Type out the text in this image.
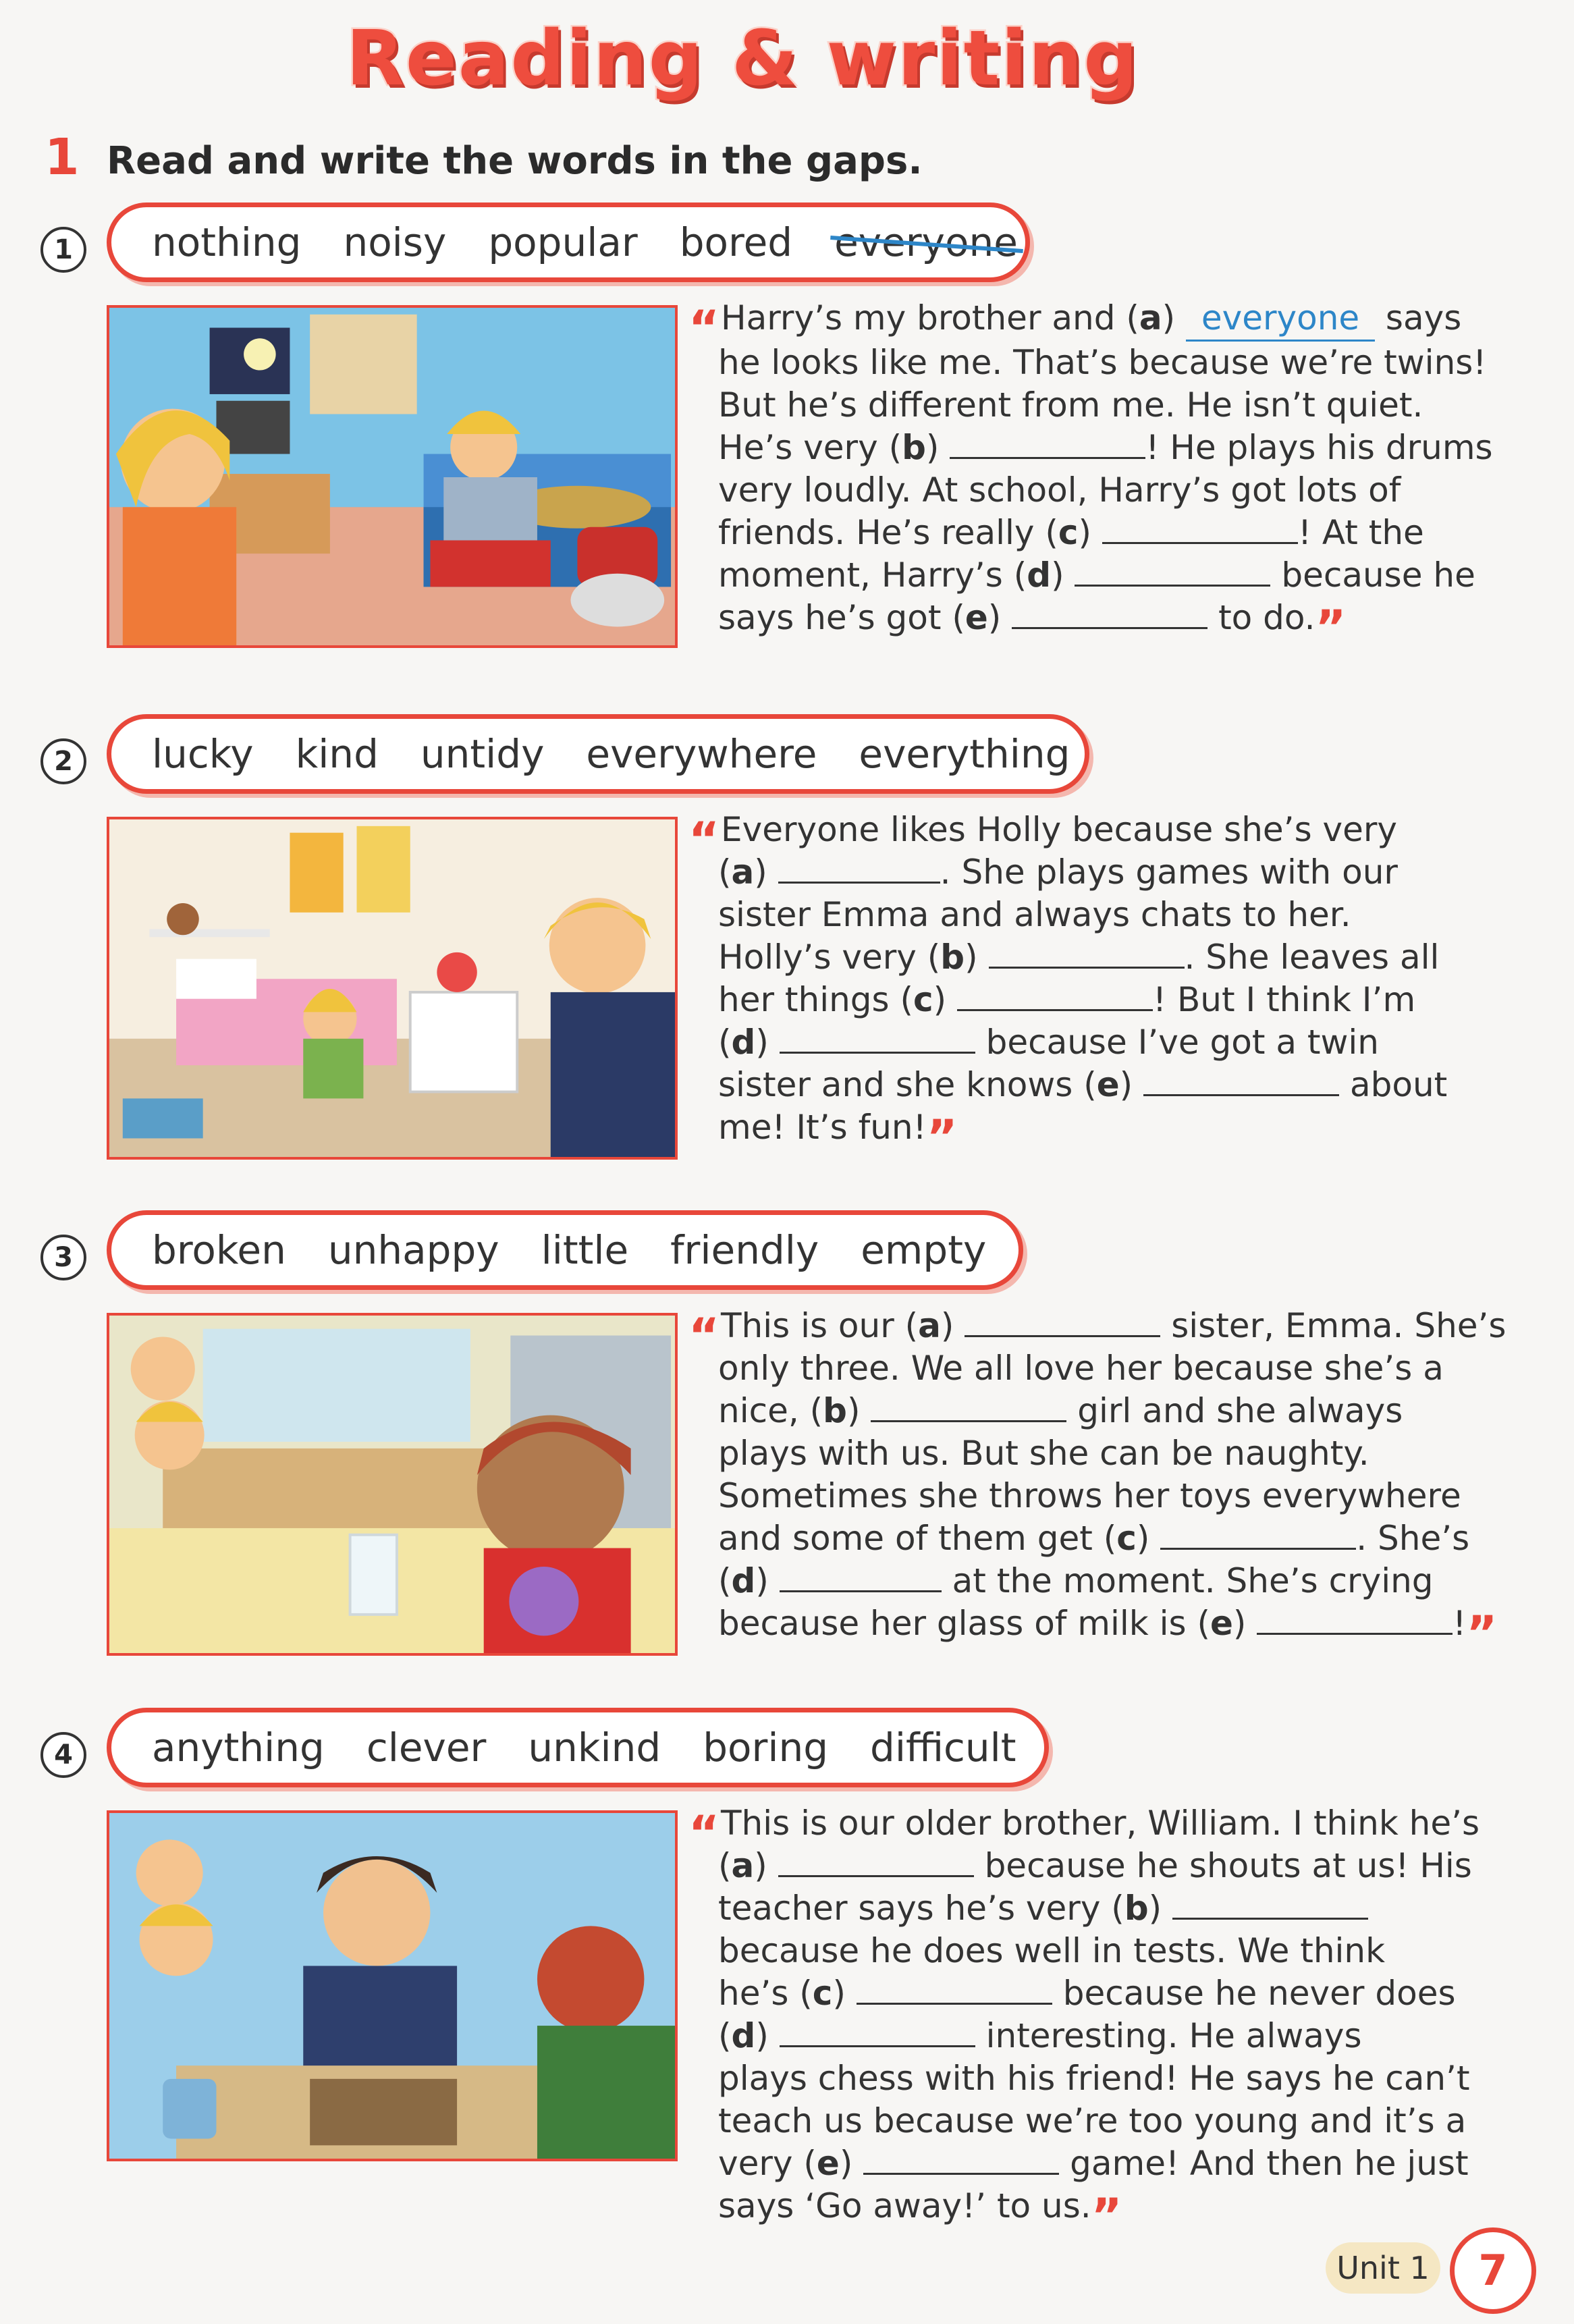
Reading & writing
1 Read and write the words in the gaps.
1	nothing noisy popular bored everyone

“Harry’s my brother and (a) everyone says

he looks like me. That’s because we’re twins!

But he’s different from me. He isn’t quiet.

He’s very (b)	! He plays his drums

very loudly. At school, Harry’s got lots of

friends. He’s really (c)	! At the

moment, Harry’s (d)	because he

says he’s got (e)	to do.”

2	lucky kind untidy everywhere everything

“Everyone likes Holly because she’s very

(a)	. She plays games with our

sister Emma and always chats to her.

Holly’s very (b)	. She leaves all

her things (c)	! But I think I’m

(d)	because I’ve got a twin

sister and she knows (e)	about

me! It’s fun!”

3	broken unhappy little friendly empty

“This is our (a)	sister, Emma. She’s

only three. We all love her because she’s a

nice, (b)	girl and she always

plays with us. But she can be naughty.

Sometimes she throws her toys everywhere

and some of them get (c)	. She’s

(d)	at the moment. She’s crying

because her glass of milk is (e)	!”

4	anything clever unkind boring difficult

“This is our older brother, William. I think he’s

(a)	because he shouts at us! His

teacher says he’s very (b)

because he does well in tests. We think

he’s (c)	because he never does

(d)	interesting. He always

plays chess with his friend! He says he can’t

teach us because we’re too young and it’s a

very (e)	game! And then he just

says ‘Go away!’ to us.”

Unit 1	7
